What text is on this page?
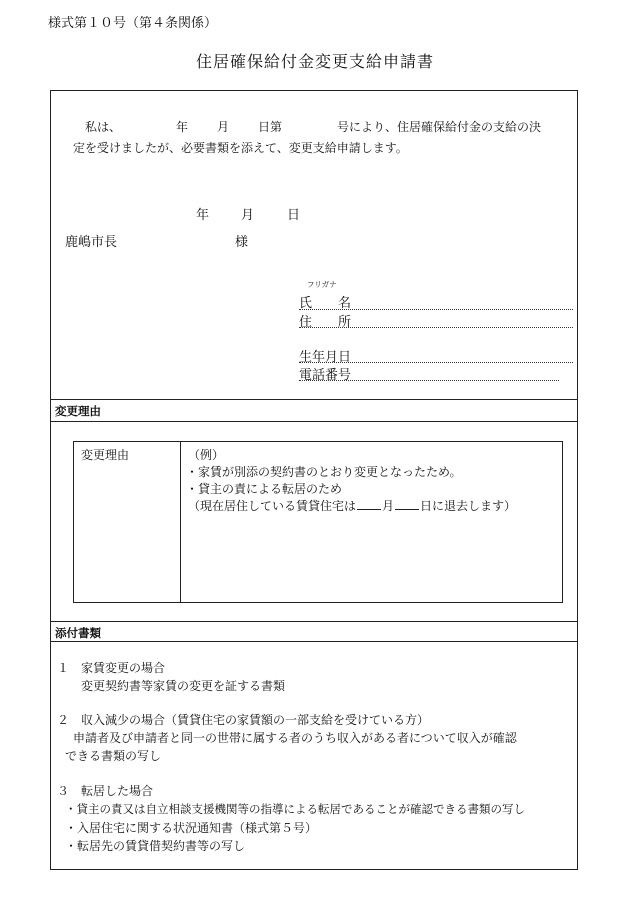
様式第１０号（第４条関係）
住居確保給付金変更支給申請書
私は、	年 月 日第	号により、住居確保給付金の支給の決
定を受けましたが、必要書類を添えて、変更支給申請します。
年 月	日
鹿嶋市長	様
フリガナ
氏　　名
住　　所
生年月日
電話番号
変更理由
変更理由	（例）
・家賃が別添の契約書のとおり変更となったため。
・貸主の責による転居のため
（現在居住している賃貸住宅は 月 日に退去します）
添付書類
１　家賃変更の場合
変更契約書等家賃の変更を証する書類
２　収入減少の場合（賃貸住宅の家賃額の一部支給を受けている方）
申請者及び申請者と同一の世帯に属する者のうち収入がある者について収入が確認
できる書類の写し
３　転居した場合
・貸主の責又は自立相談支援機関等の指導による転居であることが確認できる書類の写し
・入居住宅に関する状況通知書（様式第５号）
・転居先の賃貸借契約書等の写し
